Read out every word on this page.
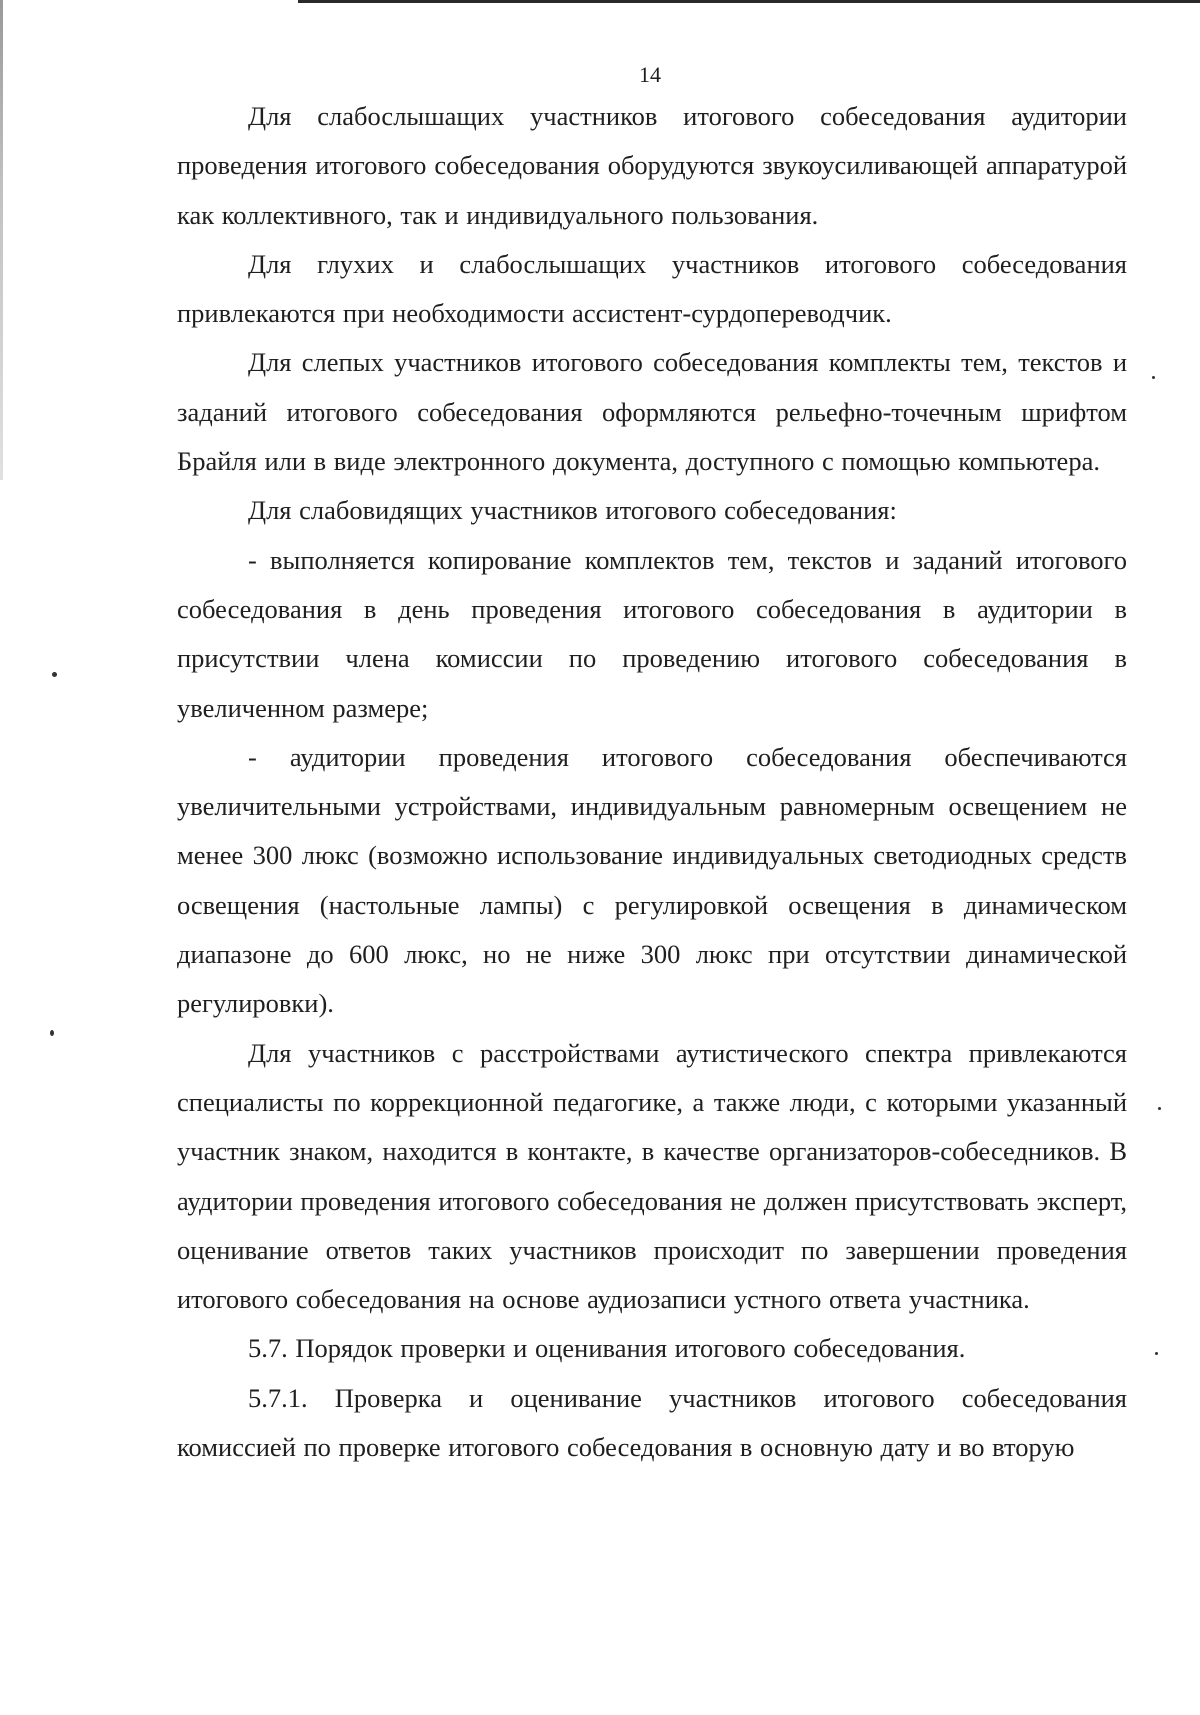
14

Для слабослышащих участников итогового собеседования аудитории проведения итогового собеседования оборудуются звукоусиливающей аппаратурой как коллективного, так и индивидуального пользования.

Для глухих и слабослышащих участников итогового собеседования привлекаются при необходимости ассистент-сурдопереводчик.

Для слепых участников итогового собеседования комплекты тем, текстов и заданий итогового собеседования оформляются рельефно-точечным шрифтом Брайля или в виде электронного документа, доступного с помощью компьютера.

Для слабовидящих участников итогового собеседования:

- выполняется копирование комплектов тем, текстов и заданий итогового собеседования в день проведения итогового собеседования в аудитории в присутствии члена комиссии по проведению итогового собеседования в увеличенном размере;

- аудитории проведения итогового собеседования обеспечиваются увеличительными устройствами, индивидуальным равномерным освещением не менее 300 люкс (возможно использование индивидуальных светодиодных средств освещения (настольные лампы) с регулировкой освещения в динамическом диапазоне до 600 люкс, но не ниже 300 люкс при отсутствии динамической регулировки).

Для участников с расстройствами аутистического спектра привлекаются специалисты по коррекционной педагогике, а также люди, с которыми указанный участник знаком, находится в контакте, в качестве организаторов-собеседников. В аудитории проведения итогового собеседования не должен присутствовать эксперт, оценивание ответов таких участников происходит по завершении проведения итогового собеседования на основе аудиозаписи устного ответа участника.

5.7. Порядок проверки и оценивания итогового собеседования.

5.7.1. Проверка и оценивание участников итогового собеседования комиссией по проверке итогового собеседования в основную дату и во вторую
